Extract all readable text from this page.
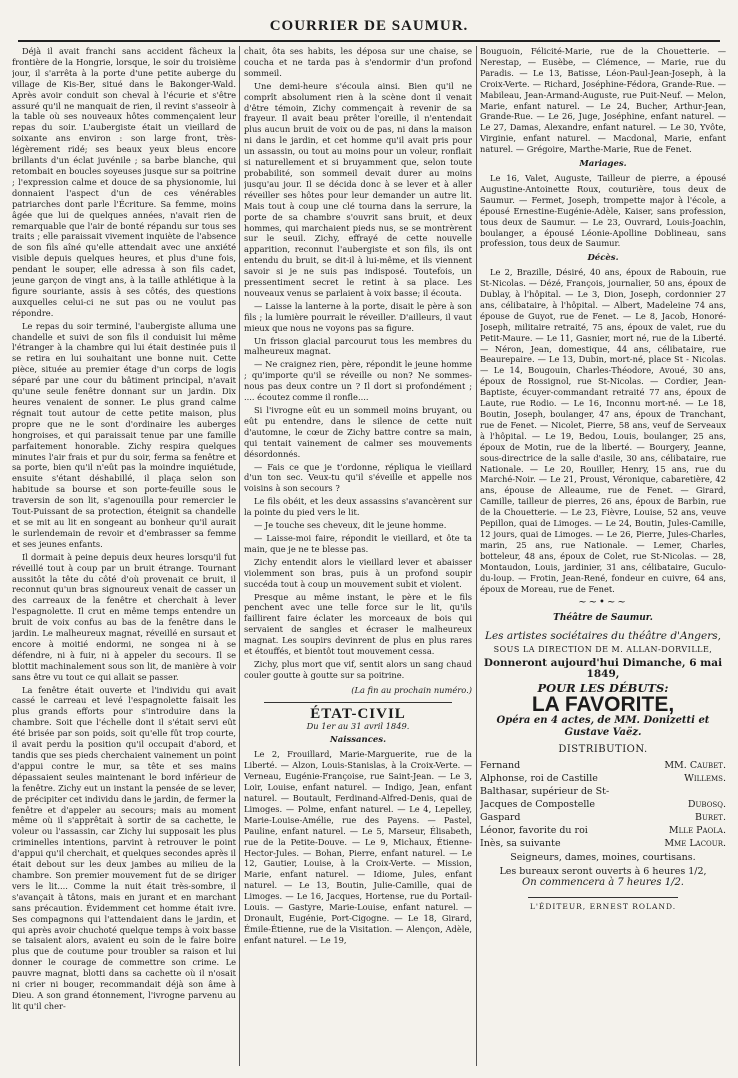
COURRIER DE SAUMUR.

Déjà il avait franchi sans accident fâcheux la frontière de la Hongrie, lorsque, le soir du troisième jour, il s'arrêta à la porte d'une petite auberge du village de Kis-Ber, situé dans le Bakonger-Wald. Après avoir conduit son cheval à l'écurie et s'être assuré qu'il ne manquait de rien, il revint s'asseoir à la table où ses nouveaux hôtes commençaient leur repas du soir. L'aubergiste était un vieillard de soixante ans environ : son large front, très-légèrement ridé; ses beaux yeux bleus encore brillants d'un éclat juvénile ; sa barbe blanche, qui retombait en boucles soyeuses jusque sur sa poitrine ; l'expression calme et douce de sa physionomie, lui donnaient l'aspect d'un de ces vénérables patriarches dont parle l'Écriture. Sa femme, moins âgée que lui de quelques années, n'avait rien de remarquable que l'air de bonté répandu sur tous ses traits ; elle paraissait vivement inquiète de l'absence de son fils aîné qu'elle attendait avec une anxiété visible depuis quelques heures, et plus d'une fois, pendant le souper, elle adressa à son fils cadet, jeune garçon de vingt ans, à la taille athlétique à la figure souriante, assis à ses côtés, des questions auxquelles celui-ci ne sut pas ou ne voulut pas répondre.

Le repas du soir terminé, l'aubergiste alluma une chandelle et suivi de son fils il conduisit lui même l'étranger à la chambre qui lui était destinée puis il se retira en lui souhaitant une bonne nuit. Cette pièce, située au premier étage d'un corps de logis séparé par une cour du bâtiment principal, n'avait qu'une seule fenêtre donnant sur un jardin. Dix heures venaient de sonner. Le plus grand calme régnait tout autour de cette petite maison, plus propre que ne le sont d'ordinaire les auberges hongroises, et qui paraissait tenue par une famille parfaitement honorable. Zichy respira quelques minutes l'air frais et pur du soir, ferma sa fenêtre et sa porte, bien qu'il n'eût pas la moindre inquiétude, ensuite s'étant déshabillé, il plaça selon son habitude sa bourse et son porte-feuille sous le traversin de son lit, s'agenouilla pour remercier le Tout-Puissant de sa protection, éteignit sa chandelle et se mit au lit en songeant au bonheur qu'il aurait le surlendemain de revoir et d'embrasser sa femme et ses jeunes enfants.

Il dormait à peine depuis deux heures lorsqu'il fut réveillé tout à coup par un bruit étrange. Tournant aussitôt la tête du côté d'où provenait ce bruit, il reconnut qu'un bras signoureux venait de casser un des carreaux de la fenêtre et cherchait à lever l'espagnolette. Il crut en même temps entendre un bruit de voix confus au bas de la fenêtre dans le jardin. Le malheureux magnat, réveillé en sursaut et encore à moitié endormi, ne songea ni à se défendre, ni à fuir, ni à appeler du secours. Il se blottit machinalement sous son lit, de manière à voir sans être vu tout ce qui allait se passer.

La fenêtre était ouverte et l'individu qui avait cassé le carreau et levé l'espagnolette faisait les plus grands efforts pour s'introduire dans la chambre. Soit que l'échelle dont il s'était servi eût été brisée par son poids, soit qu'elle fût trop courte, il avait perdu la position qu'il occupait d'abord, et tandis que ses pieds cherchaient vainement un point d'appui contre le mur, sa tête et ses mains dépassaient seules maintenant le bord inférieur de la fenêtre. Zichy eut un instant la pensée de se lever, de précipiter cet individu dans le jardin, de fermer la fenêtre et d'appeler au secours; mais au moment même où il s'apprêtait à sortir de sa cachette, le voleur ou l'assassin, car Zichy lui supposait les plus criminelles intentions, parvint à retrouver le point d'appui qu'il cherchait, et quelques secondes après il était debout sur les deux jambes au milieu de la chambre. Son premier mouvement fut de se diriger vers le lit.... Comme la nuit était très-sombre, il s'avançait à tâtons, mais en jurant et en marchant sans précaution. Évidemment cet homme était ivre. Ses compagnons qui l'attendaient dans le jardin, et qui après avoir chuchoté quelque temps à voix basse se taisaient alors, avaient eu soin de le faire boire plus que de coutume pour troubler sa raison et lui donner le courage de commettre son crime. Le pauvre magnat, blotti dans sa cachette où il n'osait ni crier ni bouger, recommandait déjà son âme à Dieu. A son grand étonnement, l'ivrogne parvenu au lit qu'il cher-

chait, ôta ses habits, les déposa sur une chaise, se coucha et ne tarda pas à s'endormir d'un profond sommeil.

Une demi-heure s'écoula ainsi. Bien qu'il ne comprît absolument rien à la scène dont il venait d'être témoin, Zichy commençait à revenir de sa frayeur. Il avait beau prêter l'oreille, il n'entendait plus aucun bruit de voix ou de pas, ni dans la maison ni dans le jardin, et cet homme qu'il avait pris pour un assassin, ou tout au moins pour un voleur, ronflait si naturellement et si bruyamment que, selon toute probabilité, son sommeil devait durer au moins jusqu'au jour. Il se décida donc à se lever et à aller réveiller ses hôtes pour leur demander un autre lit. Mais tout à coup une clé tourna dans la serrure, la porte de sa chambre s'ouvrit sans bruit, et deux hommes, qui marchaient pieds nus, se se montrèrent sur le seuil. Zichy, effrayé de cette nouvelle apparition, reconnut l'aubergiste et son fils, ils ont entendu du bruit, se dit-il à lui-même, et ils viennent savoir si je ne suis pas indisposé. Toutefois, un pressentiment secret le retint à sa place. Les nouveaux venus se parlaient à voix basse; il écouta.

— Laisse la lanterne à la porte, disait le père à son fils ; la lumière pourrait le réveiller. D'ailleurs, il vaut mieux que nous ne voyons pas sa figure.

Un frisson glacial parcourut tous les membres du malheureux magnat.

— Ne craignez rien, père, répondit le jeune homme ; qu'importe qu'il se réveille ou non? Ne sommes-nous pas deux contre un ? Il dort si profondément ; .... écoutez comme il ronfle....

Si l'ivrogne eût eu un sommeil moins bruyant, ou eût pu entendre, dans le silence de cette nuit d'automne, le cœur de Zichy battre contre sa main, qui tentait vainement de calmer ses mouvements désordonnés.

— Fais ce que je t'ordonne, répliqua le vieillard d'un ton sec. Veux-tu qu'il s'éveille et appelle nos voisins à son secours ?

Le fils obéit, et les deux assassins s'avancèrent sur la pointe du pied vers le lit.

— Je touche ses cheveux, dit le jeune homme.

— Laisse-moi faire, répondit le vieillard, et ôte ta main, que je ne te blesse pas.

Zichy entendit alors le vieillard lever et abaisser violemment son bras, puis à un profond soupir succéda tout à coup un mouvement subit et violent.

Presque au même instant, le père et le fils penchent avec une telle force sur le lit, qu'ils faillirent faire éclater les morceaux de bois qui servaient de sangles et écraser le malheureux magnat. Les soupirs devinrent de plus en plus rares et étouffés, et bientôt tout mouvement cessa.

Zichy, plus mort que vif, sentit alors un sang chaud couler goutte à goutte sur sa poitrine.

(La fin au prochain numéro.)
ÉTAT-CIVIL
Du 1er au 31 avril 1849.
Naissances.

Le 2, Frouillard, Marie-Marguerite, rue de la Liberté. — Alzon, Louis-Stanislas, à la Croix-Verte. — Verneau, Eugénie-Françoise, rue Saint-Jean. — Le 3, Loir, Louise, enfant naturel. — Indigo, Jean, enfant naturel. — Boutault, Ferdinand-Alfred-Denis, quai de Limoges. — Polme, enfant naturel. — Le 4, Lepelley, Marie-Louise-Amélie, rue des Payens. — Pastel, Pauline, enfant naturel. — Le 5, Marseur, Élisabeth, rue de la Petite-Douve. — Le 9, Michaux, Étienne-Hector-Jules. — Bohan, Pierre, enfant naturel. — Le 12, Gautier, Louise, à la Croix-Verte. — Mission, Marie, enfant naturel. — Idiome, Jules, enfant naturel. — Le 13, Boutin, Julie-Camille, quai de Limoges. — Le 16, Jacques, Hortense, rue du Portail-Louis. — Gastyre, Marie-Louise, enfant naturel. — Dronault, Eugénie, Port-Cigogne. — Le 18, Girard, Émile-Étienne, rue de la Visitation. — Alençon, Adèle, enfant naturel. — Le 19,

Bouguoin, Félicité-Marie, rue de la Chouetterie. — Nerestap, — Eusèbe, — Clémence, — Marie, rue du Paradis. — Le 13, Batisse, Léon-Paul-Jean-Joseph, à la Croix-Verte. — Richard, Joséphine-Fédora, Grande-Rue. — Mabileau, Jean-Armand-Auguste, rue Puit-Neuf. — Melon, Marie, enfant naturel. — Le 24, Bucher, Arthur-Jean, Grande-Rue. — Le 26, Juge, Joséphine, enfant naturel. — Le 27, Damas, Alexandre, enfant naturel. — Le 30, Yvôte, Virginie, enfant naturel. — Macdonal, Marie, enfant naturel. — Grégoire, Marthe-Marie, Rue de Fenet.

Mariages.

Le 16, Valet, Auguste, Tailleur de pierre, a épousé Augustine-Antoinette Roux, couturière, tous deux de Saumur. — Fermet, Joseph, trompette major à l'école, a épousé Ernestine-Eugénie-Adèle, Kaiser, sans profession, tous deux de Saumur. — Le 23, Ouvrard, Louis-Joachin, boulanger, a épousé Léonie-Apolline Doblineau, sans profession, tous deux de Saumur.

Décès.

Le 2, Brazille, Désiré, 40 ans, époux de Rabouin, rue St-Nicolas. — Dézé, François, journalier, 50 ans, époux de Dublay, à l'hôpital. — Le 3, Dion, Joseph, cordonnier 27 ans, célibataire, à l'hôpital. — Albert, Madeleine 74 ans, épouse de Guyot, rue de Fenet. — Le 8, Jacob, Honoré-Joseph, militaire retraité, 75 ans, époux de valet, rue du Petit-Maure. — Le 11, Gasnier, mort né, rue de la Liberté. — Néron, Jean, domestique, 44 ans, célibataire, rue Beaurepaire. — Le 13, Dubin, mort-né, place St - Nicolas. — Le 14, Bougouin, Charles-Théodore, Avoué, 30 ans, époux de Rossignol, rue St-Nicolas. — Cordier, Jean-Baptiste, écuyer-commandant retraité 77 ans, époux de Laute, rue Rodio. — Le 16, Inconnu mort-né. — Le 18, Boutin, Joseph, boulanger, 47 ans, époux de Tranchant, rue de Fenet. — Nicolet, Pierre, 58 ans, veuf de Serveaux à l'hôpital. — Le 19, Bedou, Louis, boulanger, 25 ans, époux de Motin, rue de la liberté. — Bourgery, Jeanne, sous-directrice de la salle d'asile, 30 ans, célibataire, rue Nationale. — Le 20, Rouiller, Henry, 15 ans, rue du Marché-Noir. — Le 21, Proust, Véronique, cabaretière, 42 ans, épouse de Alleaume, rue de Fenet. — Girard, Camille, tailleur de pierres, 26 ans, époux de Barbin, rue de la Chouetterie. — Le 23, Fièvre, Louise, 52 ans, veuve Pepillon, quai de Limoges. — Le 24, Boutin, Jules-Camille, 12 jours, quai de Limoges. — Le 26, Pierre, Jules-Charles, marin, 25 ans, rue Nationale. — Lemer, Charles, botteleur, 48 ans, époux de Colet, rue St-Nicolas. — 28, Montaudon, Louis, jardinier, 31 ans, célibataire, Guculo-du-loup. — Frotin, Jean-René, fondeur en cuivre, 64 ans, époux de Moreau, rue de Fenet.

~~•~~
Théâtre de Saumur.
Les artistes sociétaires du théâtre d'Angers,
SOUS LA DIRECTION DE M. ALLAN-DORVILLE,
Donneront aujourd'hui Dimanche, 6 mai 1849,
POUR LES DÉBUTS:
LA FAVORITE,
Opéra en 4 actes, de MM. Donizetti et Gustave Vaëz.
DISTRIBUTION.
Fernand	MM. Caubet.
Alphonse, roi de Castille	Willems.
Balthasar, supérieur de St-
Jacques de Compostelle	Dubosq.
Gaspard	Buret.
Léonor, favorite du roi	Mlle Paola.
Inès, sa suivante	Mme Lacour.
Seigneurs, dames, moines, courtisans.
Les bureaux seront ouverts à 6 heures 1/2,
On commencera à 7 heures 1/2.
L'ÉDITEUR, ERNEST ROLAND.
